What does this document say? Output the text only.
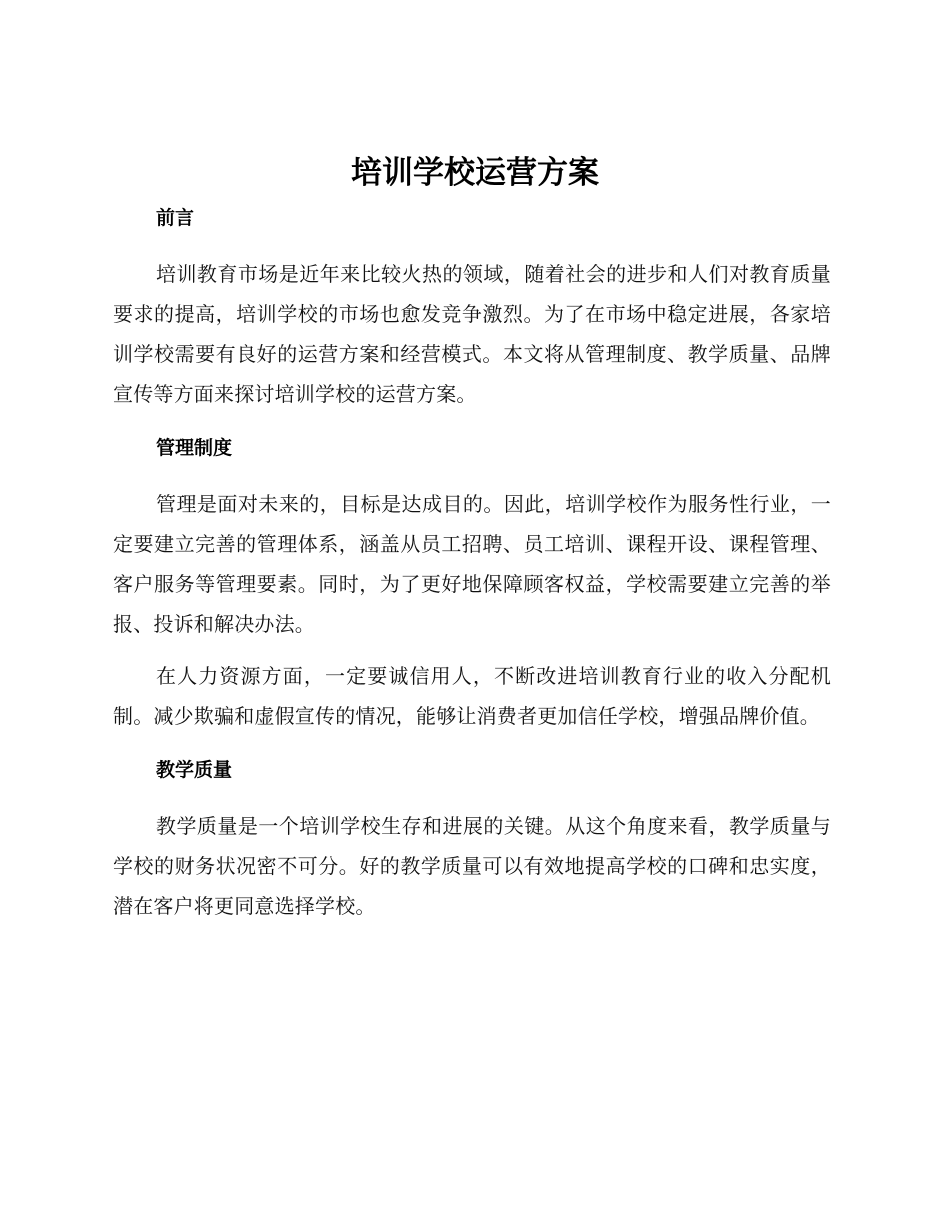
培训学校运营方案
前言

培训教育市场是近年来比较火热的领域，随着社会的进步和人们对教育质量要求的提高，培训学校的市场也愈发竞争激烈。为了在市场中稳定进展，各家培训学校需要有良好的运营方案和经营模式。本文将从管理制度、教学质量、品牌宣传等方面来探讨培训学校的运营方案。

管理制度

管理是面对未来的，目标是达成目的。因此，培训学校作为服务性行业，一定要建立完善的管理体系，涵盖从员工招聘、员工培训、课程开设、课程管理、客户服务等管理要素。同时，为了更好地保障顾客权益，学校需要建立完善的举报、投诉和解决办法。

在人力资源方面，一定要诚信用人，不断改进培训教育行业的收入分配机制。减少欺骗和虚假宣传的情况，能够让消费者更加信任学校，增强品牌价值。

教学质量

教学质量是一个培训学校生存和进展的关键。从这个角度来看，教学质量与学校的财务状况密不可分。好的教学质量可以有效地提高学校的口碑和忠实度，潜在客户将更同意选择学校。
